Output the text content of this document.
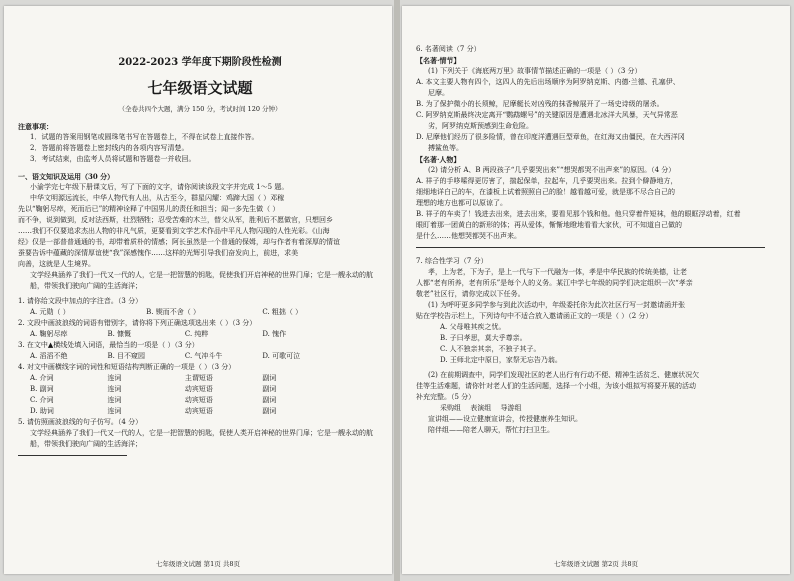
2022-2023 学年度下期阶段性检测
七年级语文试题
（全卷共四个大题，满分 150 分，考试时间 120 分钟）
注意事项：
1．试题的答案用钢笔或圆珠笔书写在答题卷上，不得在试卷上直接作答。
2．答题前将答题卷上密封线内的各项内容写清楚。
3．考试结束，由监考人员将试题和答题卷一并收回。
一、语文知识及运用（30 分）
小渝学完七年级下册课文后，写了下面的文字，请你阅读该段文字并完成 1～5 题。
中华文明源远流长，中华人物代有人出，从古至今，群星闪耀：鸡蹄大国（ ）邓稼
先以“鞠躬尽瘁，死而后已”的精神诠释了中国男儿的责任和担当；闻一多先生做（ ）
而不争，说到做到，反对法西斯，壮烈牺牲；忍受苦难的木兰，替父从军，胜利后不愿做官，只想回乡
……我们不仅要追求杰出人物的非凡气质，更要看到文学艺术作品中平凡人物闪现的人性光彩。《山海
经》仅是一部普普通通的书，却带着质朴的情感；阿长虽然是一个普通的保姆，却与作者有着深厚的情谊
蚕要告诉中蕴藏的深情厚谊使“我”深感愧作……这样的光辉引导我们奋发向上，前进，求美
向善，这就是人生境界。
文学经典涵养了我们一代又一代的人，它是一把智慧的钥匙，促使我们开启神秘的世界门扉；它是一艘永动的航船，带领我们驶向广阔的生活海洋；
1. 请你给文段中加点的字注音。（3 分）
A. 元勋（ ）	B. 锲而不舍（ ）	C. 粗拙（ ）
2. 文段中画波浪线的词语有错别字，请你将下列正确选项选出来（ ）（3 分）
A. 鞠躬尽瘁	B. 慷慨	C. 纯粹	D. 愧作
3. 在文中▲横线处填入词语，最恰当的一项是（ ）（3 分）
A. 滔滔不绝	B. 目不窥园	C. 气冲斗牛	D. 可歌可泣
4. 对文中画横线字词的词性和短语结构判断正确的一项是（ ）（3 分）
A. 介词	连词	主谓短语	副词
B. 副词	连词	动宾短语	副词
C. 介词	连词	动宾短语	副词
D. 助词	连词	动宾短语	副词
5. 请仿照画波浪线的句子仿写。（4 分）
文学经典涵养了我们一代又一代的人，它是一把智慧的钥匙，促使人类开启神秘的世界门扉；它是一艘永动的航船，带领我们驶向广阔的生活海洋；
七年级语文试题 第1页 共8页
6. 名著阅读（7 分）
【名著·情节】
(1) 下列关于《海底两万里》故事情节描述正确的一项是（ ）（3 分）
A. 本文主要人物有四个，这四人的先后出场顺序为阿罗纳克斯、内德·兰德、孔塞伊、
尼摩。
B. 为了保护微小的长须鲸，尼摩艇长对凶残的抹香鲸展开了一场史诗级的屠杀。
C. 阿罗纳克斯最终决定离开“鹦鹉螺号”的关键原因是遭遇北冰洋大风暴，天气异常恶
劣，阿罗纳克斯预感到生命危险。
D. 尼摩他们经历了很多险情，曾在印度洋遭遇巨型章鱼，在红海又由僵民，在大西洋冈
搏鲨鱼等。
【名著·人物】
(2) 请分析 A、B 两段孩子“几乎要哭出来”“想哭都哭不出声来”的原因。（4 分）
A. 祥子的手哆嗦得更厉害了，揣起保单，拉起车，几乎要哭出来。拉到个僻静地方，
细细地详白己的车，在漆板上试着照照自己的脸！越看越可爱，就是那不尽合自己的
理想的地方也都可以原谅了。
B. 祥子的车卖了！钱进去出来，进去出来，要看见那个钱和他。他只穿着件短袜，他的眼眶浮动着，红着
眼盯着那一团黄白的新形的体；再从爱体，惭惭地瞪地看看大家伙，可不知道自己做的
是什么……他想哭都哭不出声来。
7. 综合性学习（7 分）
孝，上为老，下为子，是上一代与下一代融为一体，孝是中华民族的传统美德，让老
人都“老有所养，老有所乐”是每个人的义务。某江中学七年级的同学们决定组织一次“孝亲
敬老”社区行，请你完成以下任务。
(1) 为呼吁更多同学参与到此次活动中，年级委托你为此次社区行写一封邀请函并张
贴在学校告示栏上，下列诗句中不适合放入邀请函正文的一项是（ ）（2 分）
A. 父母唯其疾之忧。
B. 子曰孝思，莫大乎尊亲。
C. 人不独亲其亲，不独子其子。
D. 王师北定中原日，家祭无忘告乃翁。
(2) 在前期调查中，同学们发现社区的老人出行有行动不便、精神生活贫乏、健康状况欠
佳等生活难题，请你针对老人们的生活问题，选择一个小组，为该小组拟写将要开展的活动
补充完整。（5 分）
采购组　 表演组　 导游组
宣讲组——设立健康宣讲会，传授健康养生知识。
陪伴组——陪老人聊天，帮忙打扫卫生。
七年级语文试题 第2页 共8页
